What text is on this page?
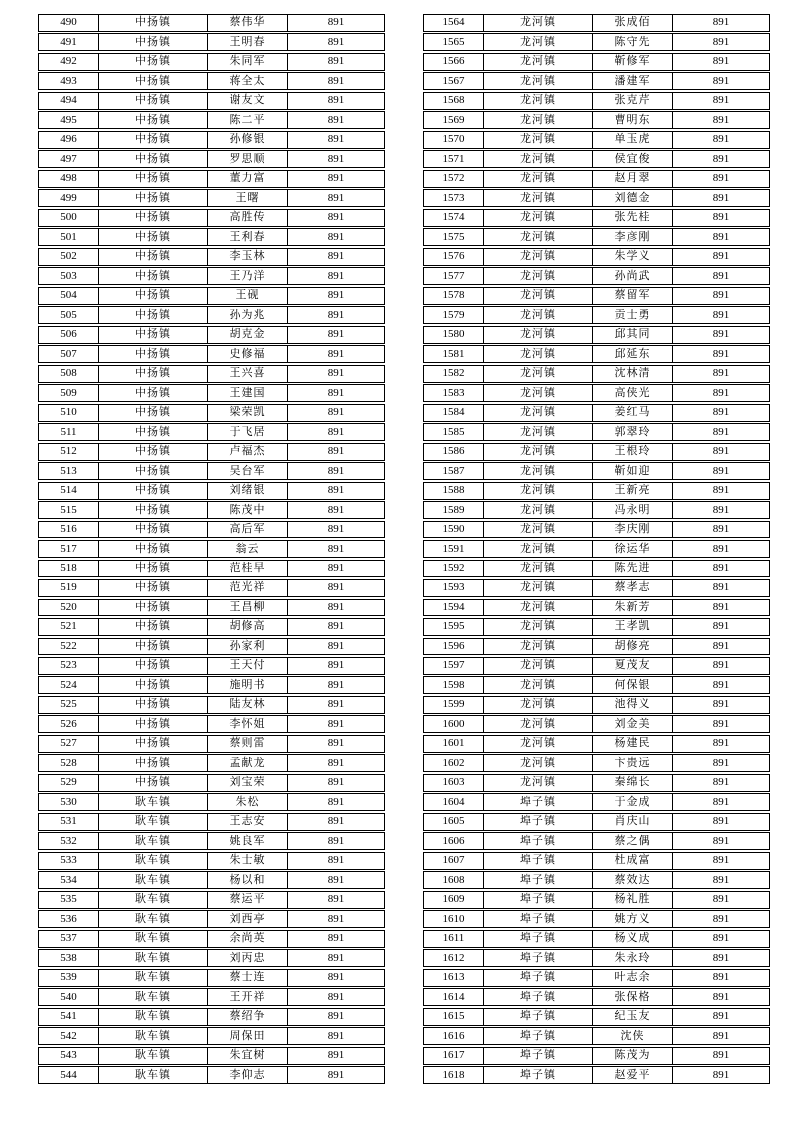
490	中扬镇	蔡伟华	891
491	中扬镇	王明春	891
492	中扬镇	朱同军	891
493	中扬镇	蒋全太	891
494	中扬镇	谢友文	891
495	中扬镇	陈二平	891
496	中扬镇	孙修银	891
497	中扬镇	罗思顺	891
498	中扬镇	董力富	891
499	中扬镇	王曙	891
500	中扬镇	高胜传	891
501	中扬镇	王利春	891
502	中扬镇	李玉林	891
503	中扬镇	王乃洋	891
504	中扬镇	王砚	891
505	中扬镇	孙为兆	891
506	中扬镇	胡克金	891
507	中扬镇	史修福	891
508	中扬镇	王兴喜	891
509	中扬镇	王建国	891
510	中扬镇	梁荣凯	891
511	中扬镇	于飞居	891
512	中扬镇	卢福杰	891
513	中扬镇	吴台军	891
514	中扬镇	刘绪银	891
515	中扬镇	陈茂中	891
516	中扬镇	高后军	891
517	中扬镇	翁云	891
518	中扬镇	范桂早	891
519	中扬镇	范光祥	891
520	中扬镇	王昌柳	891
521	中扬镇	胡修高	891
522	中扬镇	孙家利	891
523	中扬镇	王天付	891
524	中扬镇	施明书	891
525	中扬镇	陆友林	891
526	中扬镇	李怀姐	891
527	中扬镇	蔡则雷	891
528	中扬镇	孟献龙	891
529	中扬镇	刘宝荣	891
530	耿车镇	朱松	891
531	耿车镇	王志安	891
532	耿车镇	姚良军	891
533	耿车镇	朱士敏	891
534	耿车镇	杨以和	891
535	耿车镇	蔡运平	891
536	耿车镇	刘西亭	891
537	耿车镇	余尚英	891
538	耿车镇	刘丙忠	891
539	耿车镇	蔡士连	891
540	耿车镇	王开祥	891
541	耿车镇	蔡绍争	891
542	耿车镇	周保田	891
543	耿车镇	朱宜树	891
544	耿车镇	李仰志	891
1564	龙河镇	张成佰	891
1565	龙河镇	陈守先	891
1566	龙河镇	靳修军	891
1567	龙河镇	潘建军	891
1568	龙河镇	张克芹	891
1569	龙河镇	曹明东	891
1570	龙河镇	单玉虎	891
1571	龙河镇	侯宜俊	891
1572	龙河镇	赵月翠	891
1573	龙河镇	刘德金	891
1574	龙河镇	张先桂	891
1575	龙河镇	李彦刚	891
1576	龙河镇	朱学义	891
1577	龙河镇	孙尚武	891
1578	龙河镇	蔡留军	891
1579	龙河镇	贡士勇	891
1580	龙河镇	邱其同	891
1581	龙河镇	邱延东	891
1582	龙河镇	沈林清	891
1583	龙河镇	高侠光	891
1584	龙河镇	姜红马	891
1585	龙河镇	郭翠玲	891
1586	龙河镇	王根玲	891
1587	龙河镇	靳如迎	891
1588	龙河镇	王新亮	891
1589	龙河镇	冯永明	891
1590	龙河镇	李庆刚	891
1591	龙河镇	徐运华	891
1592	龙河镇	陈先进	891
1593	龙河镇	蔡孝志	891
1594	龙河镇	朱新芳	891
1595	龙河镇	王孝凯	891
1596	龙河镇	胡修亮	891
1597	龙河镇	夏茂友	891
1598	龙河镇	何保银	891
1599	龙河镇	池得义	891
1600	龙河镇	刘金美	891
1601	龙河镇	杨建民	891
1602	龙河镇	卞贵远	891
1603	龙河镇	秦绵长	891
1604	埠子镇	于金成	891
1605	埠子镇	肖庆山	891
1606	埠子镇	蔡之偶	891
1607	埠子镇	杜成富	891
1608	埠子镇	蔡效达	891
1609	埠子镇	杨礼胜	891
1610	埠子镇	姚方义	891
1611	埠子镇	杨义成	891
1612	埠子镇	朱永玲	891
1613	埠子镇	叶志余	891
1614	埠子镇	张保格	891
1615	埠子镇	纪玉友	891
1616	埠子镇	沈侠	891
1617	埠子镇	陈茂为	891
1618	埠子镇	赵爱平	891
